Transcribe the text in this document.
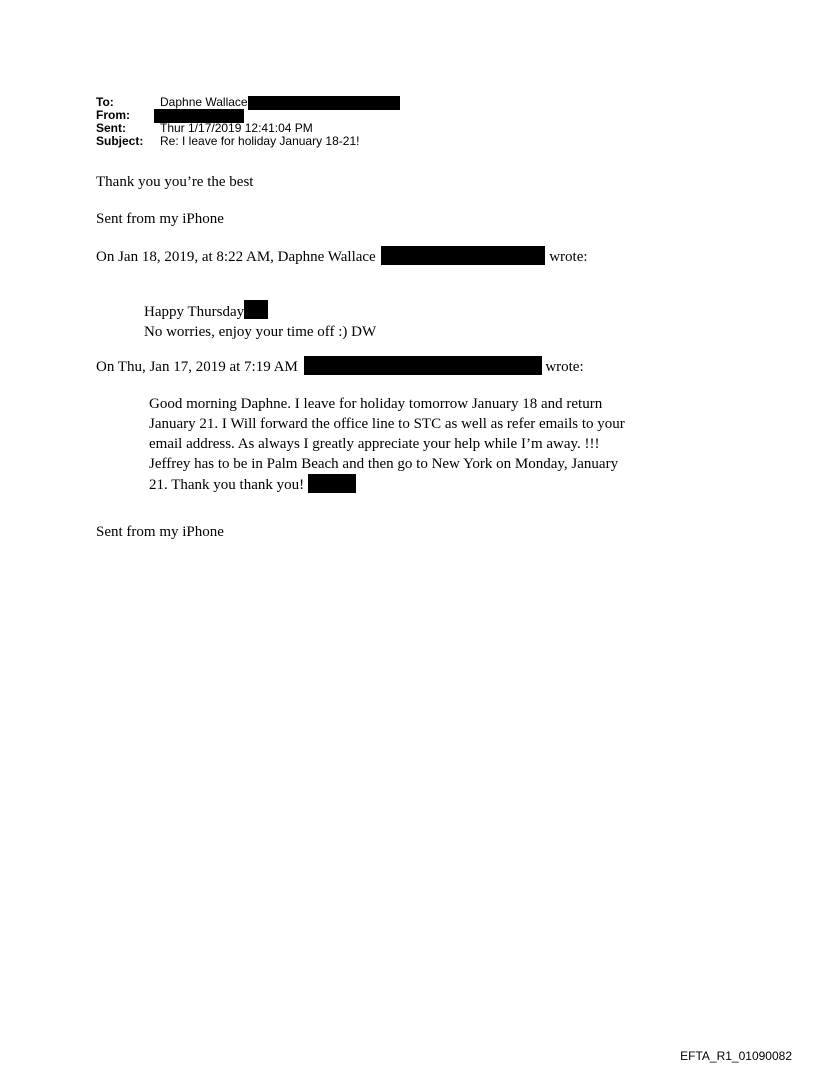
To:	Daphne Wallace
From:
Sent:	Thur 1/17/2019 12:41:04 PM
Subject:	Re: I leave for holiday January 18-21!
Thank you you’re the best
Sent from my iPhone
On Jan 18, 2019, at 8:22 AM, Daphne Wallace	wrote:
Happy Thursday
No worries, enjoy your time off :) DW
On Thu, Jan 17, 2019 at 7:19 AM	wrote:
Good morning Daphne. I leave for holiday tomorrow January 18 and return
January 21. I Will forward the office line to STC as well as refer emails to your
email address. As always I greatly appreciate your help while I’m away. !!!
Jeffrey has to be in Palm Beach and then go to New York on Monday, January
21. Thank you thank you!
Sent from my iPhone
EFTA_R1_01090082
